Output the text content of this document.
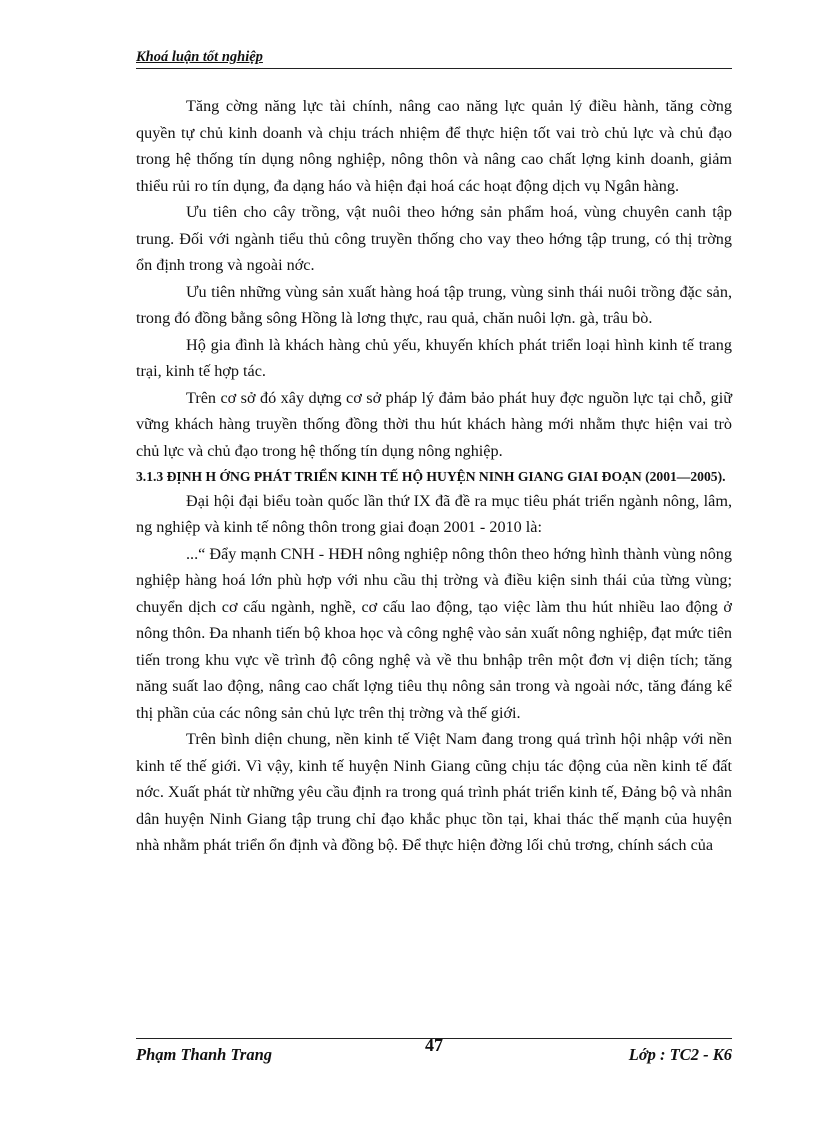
Khoá luận tốt nghiệp

Tăng cờng năng lực tài chính, nâng cao năng lực quản lý điều hành, tăng cờng quyền tự chủ kinh doanh và chịu trách nhiệm để thực hiện tốt vai trò chủ lực và chủ đạo trong hệ thống tín dụng nông nghiệp, nông thôn và nâng cao chất lợng kinh doanh, giảm thiểu rủi ro tín dụng, đa dạng háo và hiện đại hoá các hoạt động dịch vụ Ngân hàng.

Ưu tiên cho cây trồng, vật nuôi theo hớng sản phẩm hoá, vùng chuyên canh tập trung. Đối với ngành tiểu thủ công truyền thống cho vay theo hớng tập trung, có thị trờng ổn định trong và ngoài nớc.

Ưu tiên những vùng sản xuất hàng hoá tập trung, vùng sinh thái nuôi trồng đặc sản, trong đó đồng bằng sông Hồng là lơng thực, rau quả, chăn nuôi lợn. gà, trâu bò.

Hộ gia đình là khách hàng chủ yếu, khuyến khích phát triển loại hình kinh tế trang trại, kinh tế hợp tác.

Trên cơ sở đó xây dựng cơ sở pháp lý đảm bảo phát huy đợc nguồn lực tại chỗ, giữ vững khách hàng truyền thống đồng thời thu hút khách hàng mới nhằm thực hiện vai trò chủ lực và chủ đạo trong hệ thống tín dụng nông nghiệp.

3.1.3 ĐỊNH H ỚNG PHÁT TRIỂN KINH TẾ HỘ HUYỆN NINH GIANG GIAI ĐOẠN (2001—2005).

Đại hội đại biểu toàn quốc lần thứ IX đã đề ra mục tiêu phát triển ngành nông, lâm, ng nghiệp và kinh tế nông thôn trong giai đoạn 2001 - 2010 là:

...“ Đẩy mạnh CNH - HĐH nông nghiệp nông thôn theo hớng hình thành vùng nông nghiệp hàng hoá lớn phù hợp với nhu cầu thị trờng và điều kiện sinh thái của từng vùng; chuyển dịch cơ cấu ngành, nghề, cơ cấu lao động, tạo việc làm thu hút nhiều lao động ở nông thôn. Đa nhanh tiến bộ khoa học và công nghệ vào sản xuất nông nghiệp, đạt mức tiên tiến trong khu vực về trình độ công nghệ và về thu bnhập trên một đơn vị diện tích; tăng năng suất lao động, nâng cao chất lợng tiêu thụ nông sản trong và ngoài nớc, tăng đáng kể thị phần của các nông sản chủ lực trên thị trờng và thế giới.

Trên bình diện chung, nền kinh tế Việt Nam đang trong quá trình hội nhập với nền kinh tế thế giới. Vì vậy, kinh tế huyện Ninh Giang cũng chịu tác động của nền kinh tế đất nớc. Xuất phát từ những yêu cầu định ra trong quá trình phát triển kinh tế, Đảng bộ và nhân dân huyện Ninh Giang tập trung chỉ đạo khắc phục tồn tại, khai thác thế mạnh của huyện nhà nhằm phát triển ổn định và đồng bộ. Để thực hiện đờng lối chủ trơng, chính sách của

Phạm Thanh Trang	47	Lớp : TC2 - K6
